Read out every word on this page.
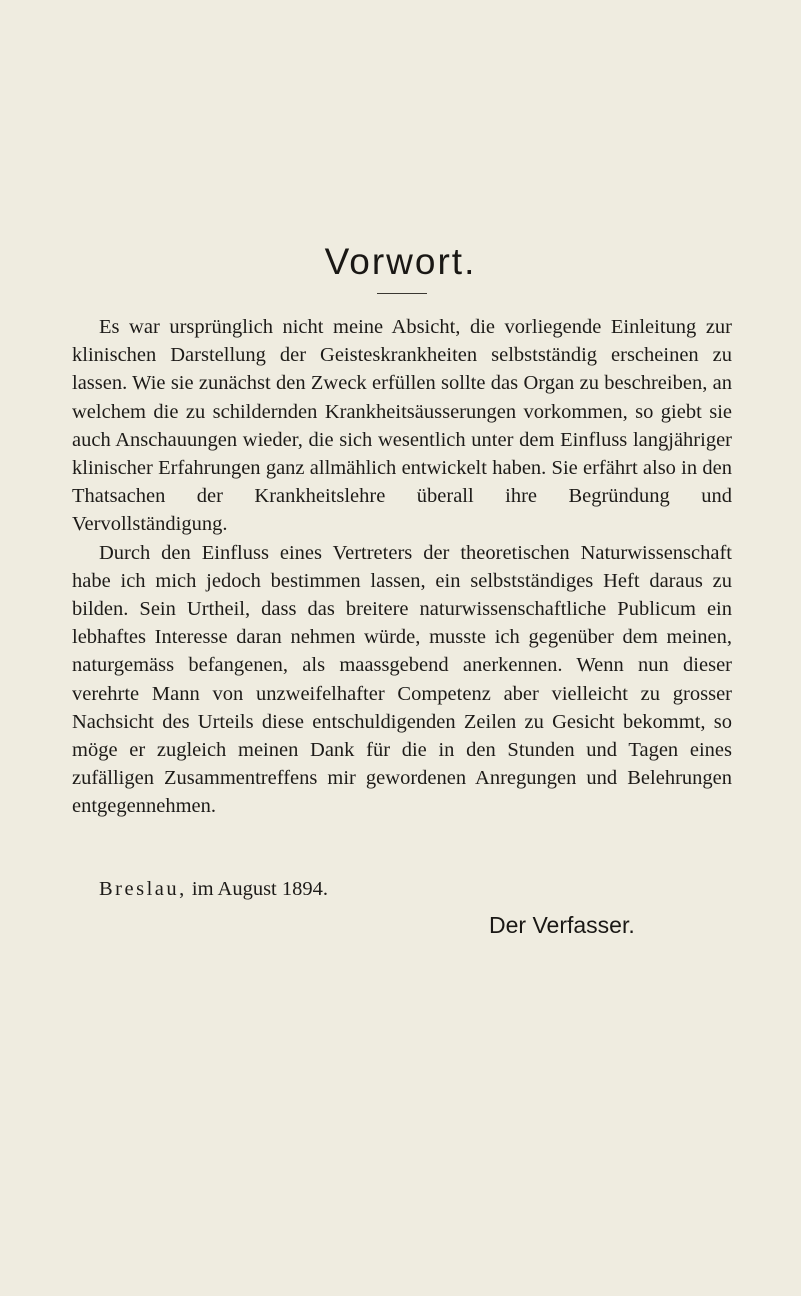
Vorwort.

Es war ursprünglich nicht meine Absicht, die vorliegende Einleitung zur klinischen Darstellung der Geisteskrankheiten selbstständig erscheinen zu lassen. Wie sie zunächst den Zweck erfüllen sollte das Organ zu beschreiben, an welchem die zu schildernden Krankheitsäusserungen vorkommen, so giebt sie auch Anschauungen wieder, die sich wesentlich unter dem Einfluss langjähriger klinischer Erfahrungen ganz allmählich entwickelt haben. Sie erfährt also in den Thatsachen der Krankheitslehre überall ihre Begründung und Vervollständigung.

Durch den Einfluss eines Vertreters der theoretischen Naturwissenschaft habe ich mich jedoch bestimmen lassen, ein selbstständiges Heft daraus zu bilden. Sein Urtheil, dass das breitere naturwissenschaftliche Publicum ein lebhaftes Interesse daran nehmen würde, musste ich gegenüber dem meinen, naturgemäss befangenen, als maassgebend anerkennen. Wenn nun dieser verehrte Mann von unzweifelhafter Competenz aber vielleicht zu grosser Nachsicht des Urteils diese entschuldigenden Zeilen zu Gesicht bekommt, so möge er zugleich meinen Dank für die in den Stunden und Tagen eines zufälligen Zusammentreffens mir gewordenen Anregungen und Belehrungen entgegennehmen.

Breslau, im August 1894.
Der Verfasser.
